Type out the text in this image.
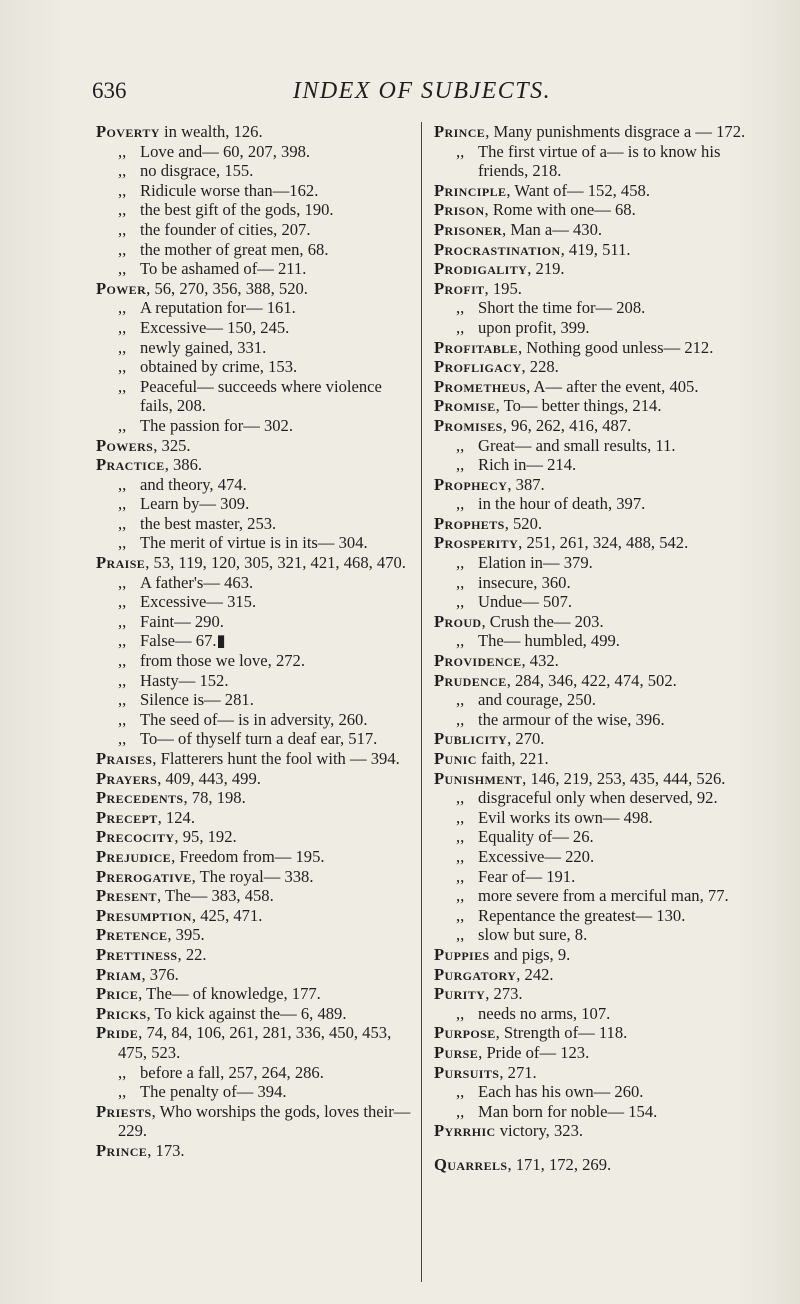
636	INDEX OF SUBJECTS.
Poverty in wealth, 126.
,, Love and— 60, 207, 398.
,, no disgrace, 155.
,, Ridicule worse than—162.
,, the best gift of the gods, 190.
,, the founder of cities, 207.
,, the mother of great men, 68.
,, To be ashamed of— 211.
Power, 56, 270, 356, 388, 520.
,, A reputation for— 161.
,, Excessive— 150, 245.
,, newly gained, 331.
,, obtained by crime, 153.
,, Peaceful— succeeds where violence fails, 208.
,, The passion for— 302.
Powers, 325.
Practice, 386.
,, and theory, 474.
,, Learn by— 309.
,, the best master, 253.
,, The merit of virtue is in its— 304.
Praise, 53, 119, 120, 305, 321, 421, 468, 470.
,, A father's— 463.
,, Excessive— 315.
,, Faint— 290.
,, False— 67.▮
,, from those we love, 272.
,, Hasty— 152.
,, Silence is— 281.
,, The seed of— is in adversity, 260.
,, To— of thyself turn a deaf ear, 517.
Praises, Flatterers hunt the fool with — 394.
Prayers, 409, 443, 499.
Precedents, 78, 198.
Precept, 124.
Precocity, 95, 192.
Prejudice, Freedom from— 195.
Prerogative, The royal— 338.
Present, The— 383, 458.
Presumption, 425, 471.
Pretence, 395.
Prettiness, 22.
Priam, 376.
Price, The— of knowledge, 177.
Pricks, To kick against the— 6, 489.
Pride, 74, 84, 106, 261, 281, 336, 450, 453, 475, 523.
,, before a fall, 257, 264, 286.
,, The penalty of— 394.
Priests, Who worships the gods, loves their— 229.
Prince, 173.
Prince, Many punishments disgrace a — 172.
,, The first virtue of a— is to know his friends, 218.
Principle, Want of— 152, 458.
Prison, Rome with one— 68.
Prisoner, Man a— 430.
Procrastination, 419, 511.
Prodigality, 219.
Profit, 195.
,, Short the time for— 208.
,, upon profit, 399.
Profitable, Nothing good unless— 212.
Profligacy, 228.
Prometheus, A— after the event, 405.
Promise, To— better things, 214.
Promises, 96, 262, 416, 487.
,, Great— and small results, 11.
,, Rich in— 214.
Prophecy, 387.
,, in the hour of death, 397.
Prophets, 520.
Prosperity, 251, 261, 324, 488, 542.
,, Elation in— 379.
,, insecure, 360.
,, Undue— 507.
Proud, Crush the— 203.
,, The— humbled, 499.
Providence, 432.
Prudence, 284, 346, 422, 474, 502.
,, and courage, 250.
,, the armour of the wise, 396.
Publicity, 270.
Punic faith, 221.
Punishment, 146, 219, 253, 435, 444, 526.
,, disgraceful only when deserved, 92.
,, Evil works its own— 498.
,, Equality of— 26.
,, Excessive— 220.
,, Fear of— 191.
,, more severe from a merciful man, 77.
,, Repentance the greatest— 130.
,, slow but sure, 8.
Puppies and pigs, 9.
Purgatory, 242.
Purity, 273.
,, needs no arms, 107.
Purpose, Strength of— 118.
Purse, Pride of— 123.
Pursuits, 271.
,, Each has his own— 260.
,, Man born for noble— 154.
Pyrrhic victory, 323.
Quarrels, 171, 172, 269.
